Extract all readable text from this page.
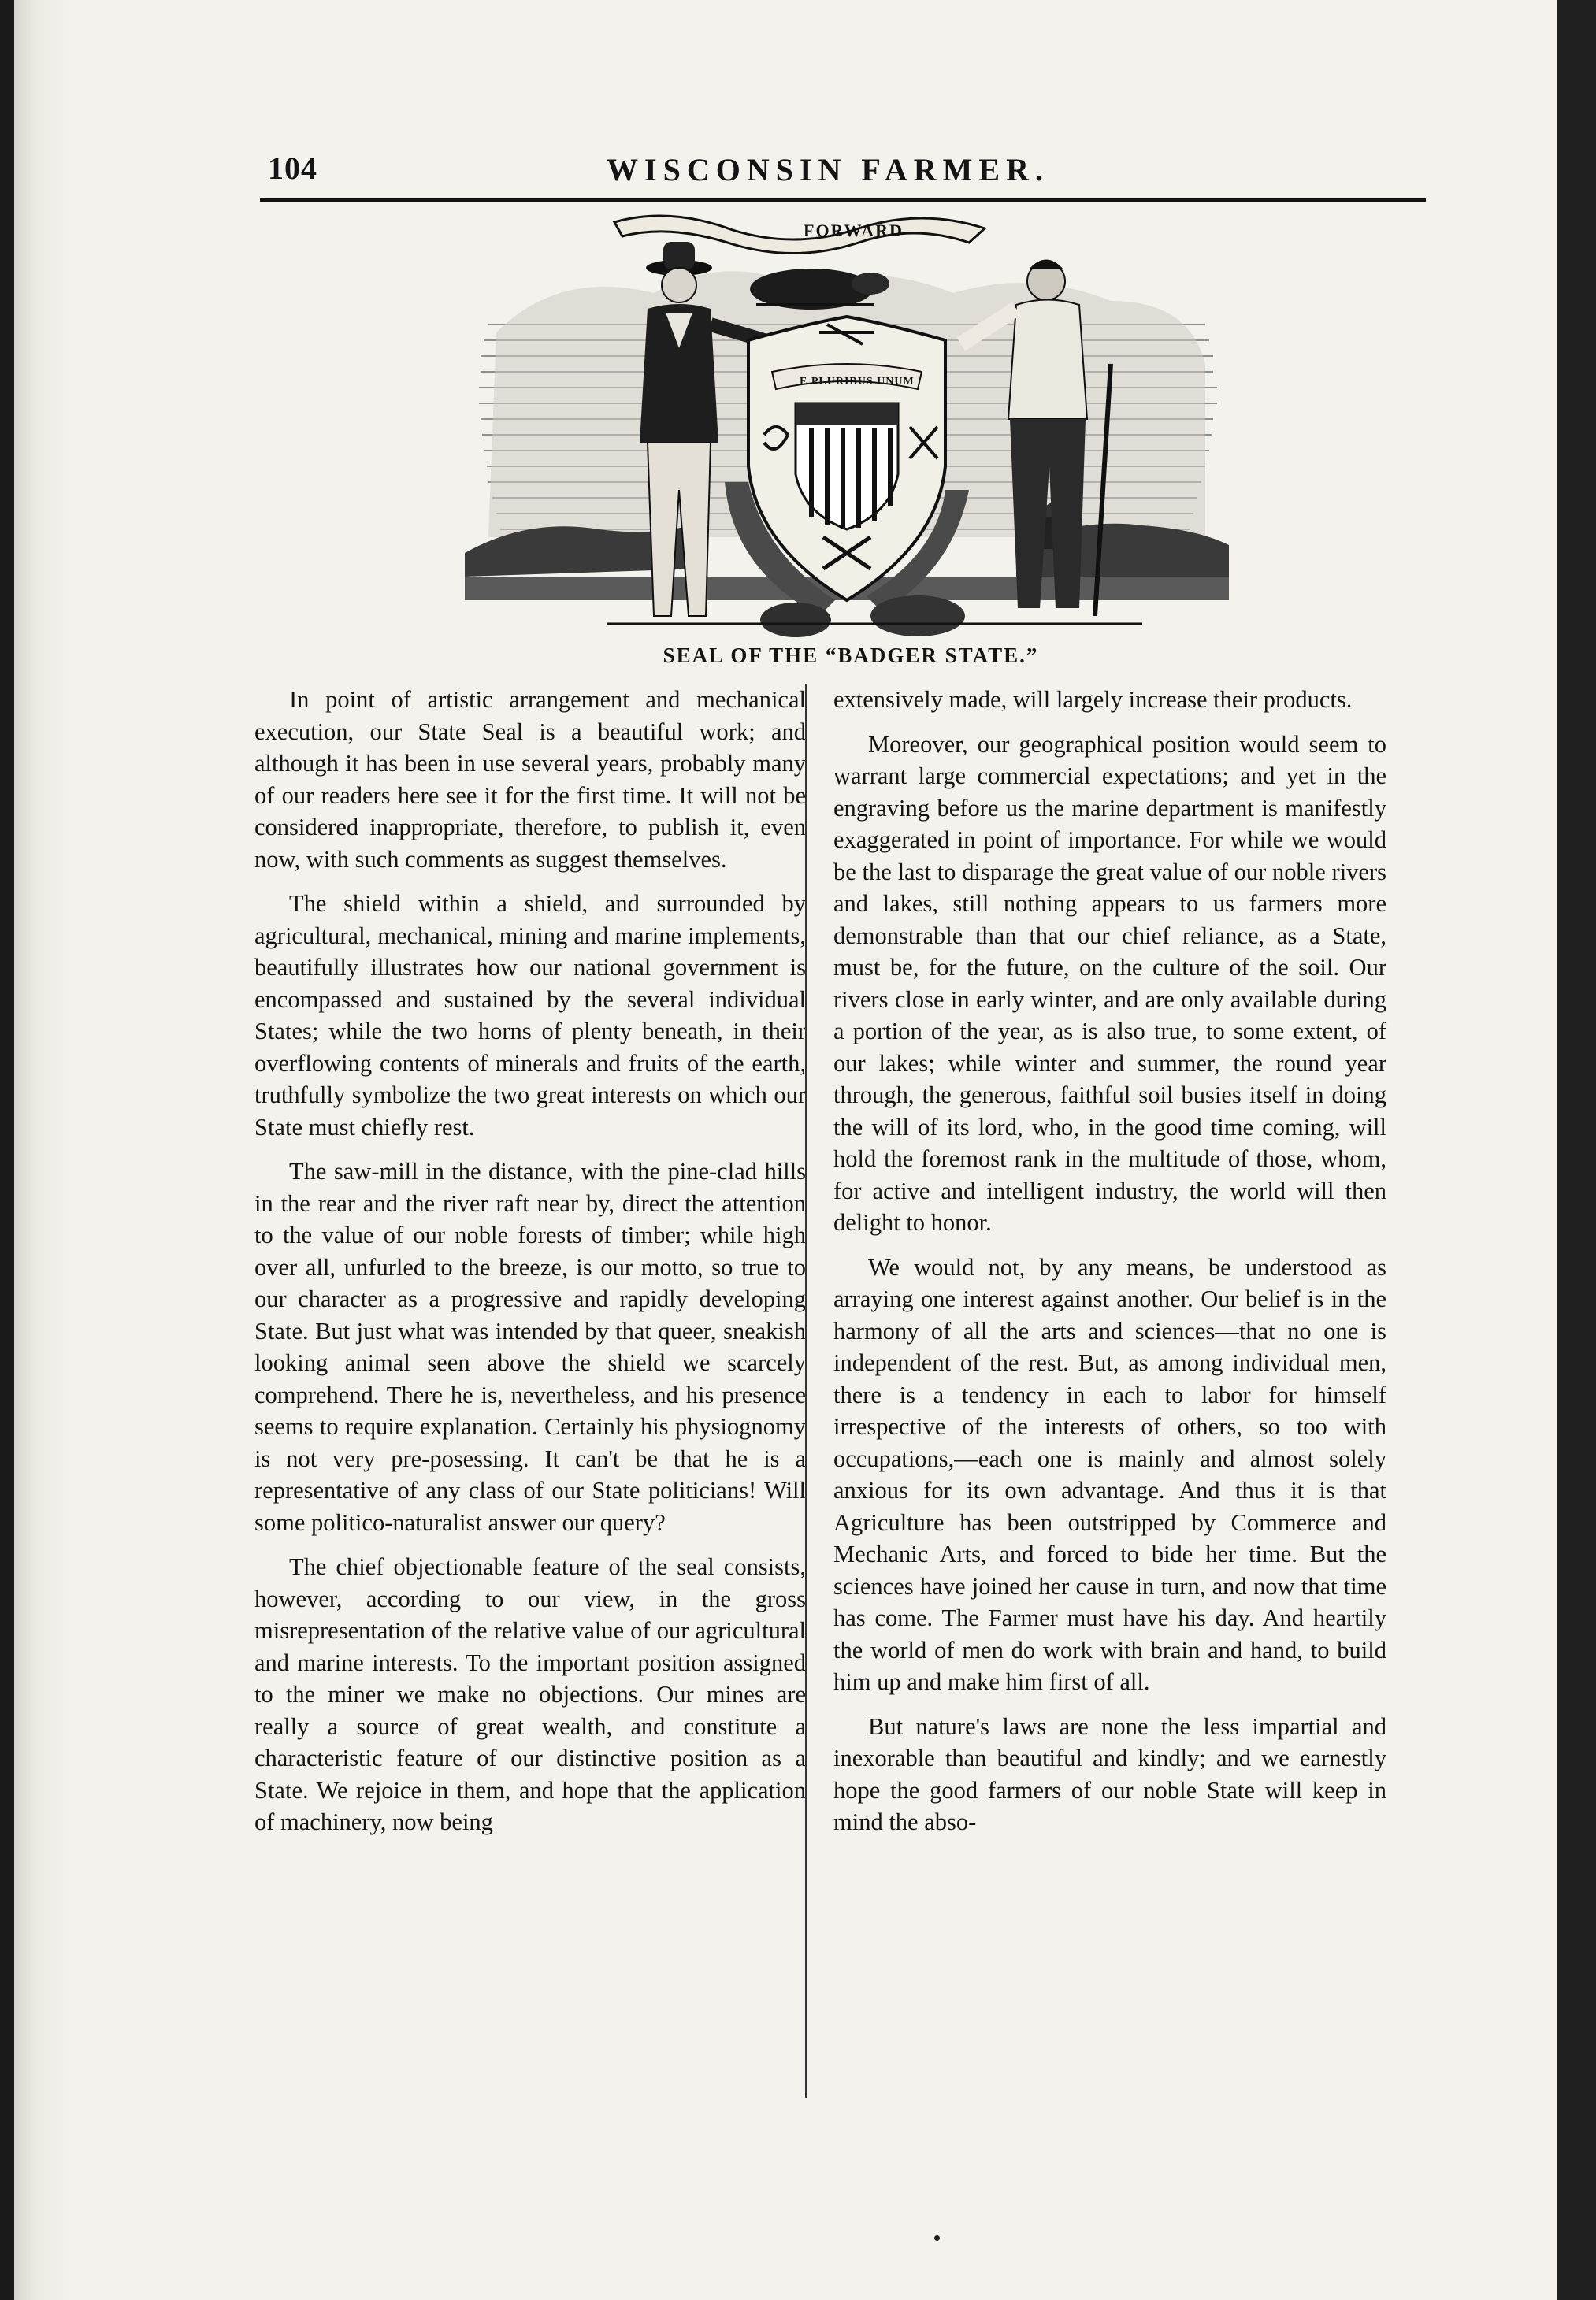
104	WISCONSIN FARMER.
FORWARD
E PLURIBUS UNUM
SEAL OF THE “BADGER STATE.”

In point of artistic arrangement and mechanical execution, our State Seal is a beautiful work; and although it has been in use several years, probably many of our readers here see it for the first time. It will not be considered inappropriate, therefore, to publish it, even now, with such comments as suggest themselves.

The shield within a shield, and surrounded by agricultural, mechanical, mining and marine implements, beautifully illustrates how our national government is encompassed and sustained by the several individual States; while the two horns of plenty beneath, in their overflowing contents of minerals and fruits of the earth, truthfully symbolize the two great interests on which our State must chiefly rest.

The saw-mill in the distance, with the pine-clad hills in the rear and the river raft near by, direct the attention to the value of our noble forests of timber; while high over all, unfurled to the breeze, is our motto, so true to our character as a progressive and rapidly developing State. But just what was intended by that queer, sneakish looking animal seen above the shield we scarcely comprehend. There he is, nevertheless, and his presence seems to require explanation. Certainly his physiognomy is not very pre-posessing. It can't be that he is a representative of any class of our State politicians! Will some politico-naturalist answer our query?

The chief objectionable feature of the seal consists, however, according to our view, in the gross misrepresentation of the relative value of our agricultural and marine interests. To the important position assigned to the miner we make no objections. Our mines are really a source of great wealth, and constitute a characteristic feature of our distinctive position as a State. We rejoice in them, and hope that the application of machinery, now being

extensively made, will largely increase their products.

Moreover, our geographical position would seem to warrant large commercial expectations; and yet in the engraving before us the marine department is manifestly exaggerated in point of importance. For while we would be the last to disparage the great value of our noble rivers and lakes, still nothing appears to us farmers more demonstrable than that our chief reliance, as a State, must be, for the future, on the culture of the soil. Our rivers close in early winter, and are only available during a portion of the year, as is also true, to some extent, of our lakes; while winter and summer, the round year through, the generous, faithful soil busies itself in doing the will of its lord, who, in the good time coming, will hold the foremost rank in the multitude of those, whom, for active and intelligent industry, the world will then delight to honor.

We would not, by any means, be understood as arraying one interest against another. Our belief is in the harmony of all the arts and sciences—that no one is independent of the rest. But, as among individual men, there is a tendency in each to labor for himself irrespective of the interests of others, so too with occupations,—each one is mainly and almost solely anxious for its own advantage. And thus it is that Agriculture has been outstripped by Commerce and Mechanic Arts, and forced to bide her time. But the sciences have joined her cause in turn, and now that time has come. The Farmer must have his day. And heartily the world of men do work with brain and hand, to build him up and make him first of all.

But nature's laws are none the less impartial and inexorable than beautiful and kindly; and we earnestly hope the good farmers of our noble State will keep in mind the abso-
